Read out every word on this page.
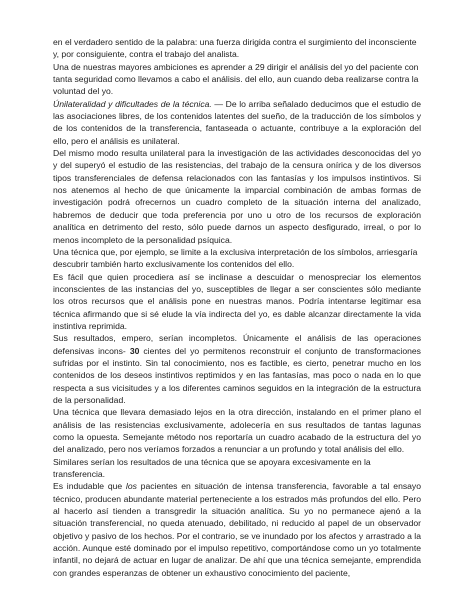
en el verdadero sentido de la palabra: una fuerza dirigida contra el surgimiento del inconsciente y, por consiguiente, contra el trabajo del analista.

Una de nuestras mayores ambiciones es aprender a 29 dirigir el análisis del yo del paciente con tanta seguridad como llevamos a cabo el análisis. del ello, aun cuando deba realizarse contra la voluntad del yo.

Únilateralidad y dificultades de la técnica. — De lo arriba señalado deducimos que el estudio de las asociaciones libres, de los contenidos latentes del sueño, de la traducción de los símbolos y de los contenidos de la transferencia, fantaseada o actuante, contribuye a la exploración del ello, pero el análisis es unilateral.

Del mismo modo resulta unilateral para la investigación de las actividades desconocidas del yo y del superyó el estudio de las resistencias, del trabajo de la censura onírica y de los diversos tipos transferenciales de defensa relacionados con las fantasías y los impulsos instintivos. Si nos atenemos al hecho de que únicamente la imparcial combinación de ambas formas de investigación podrá ofrecernos un cuadro completo de la situación interna del analizado, habremos de deducir que toda preferencia por uno u otro de los recursos de exploración analítica en detrimento del resto, sólo puede darnos un aspecto desfigurado, irreal, o por lo menos incompleto de la personalidad psíquica.

Una técnica que, por ejemplo, se limite a la exclusiva interpretación de los símbolos, arriesgaría descubrir también harto exclusivamente los contenidos del ello.

Es fácil que quien procediera así se inclinase a descuidar o menospreciar los elementos inconscientes de las instancias del yo, susceptibles de llegar a ser conscientes sólo mediante los otros recursos que el análisis pone en nuestras manos. Podría intentarse legitimar esa técnica afirmando que si sé elude la vía indirecta del yo, es dable alcanzar directamente la vida instintiva reprimida.

Sus resultados, empero, serían incompletos. Únicamente el análisis de las operaciones defensivas incons- 30 cientes del yo permitenos reconstruir el conjunto de transformaciones sufridas por el instinto. Sin tal conocimiento, nos es factible, es cierto, penetrar mucho en los contenidos de los deseos instintivos reptimidos y en las fantasías, mas poco o nada en lo que respecta a sus vicisitudes y a los diferentes caminos seguidos en la integración de la estructura de la personalidad.

Una técnica que llevara demasiado lejos en la otra dirección, instalando en el primer plano el análisis de las resistencias exclusivamente, adolecería en sus resultados de tantas lagunas como la opuesta. Semejante método nos reportaría un cuadro acabado de la estructura del yo del analizado, pero nos veríamos forzados a renunciar a un profundo y total análisis del ello.

Similares serían los resultados de una técnica que se apoyara excesivamente en la transferencia.

Es indudable que los pacientes en situación de intensa transferencia, favorable a tal ensayo técnico, producen abundante material perteneciente a los estrados más profundos del ello. Pero al hacerlo así tienden a transgredir la situación analítica. Su yo no permanece ajenó a la situación transferencial, no queda atenuado, debilitado, ni reducido al papel de un observador objetivo y pasivo de los hechos. Por el contrario, se ve inundado por los afectos y arrastrado a la acción. Aunque esté dominado por el impulso repetitivo, comportándose como un yo totalmente infantil, no dejará de actuar en lugar de analizar. De ahí que una técnica semejante, emprendida con grandes esperanzas de obtener un exhaustivo conocimiento del paciente,
